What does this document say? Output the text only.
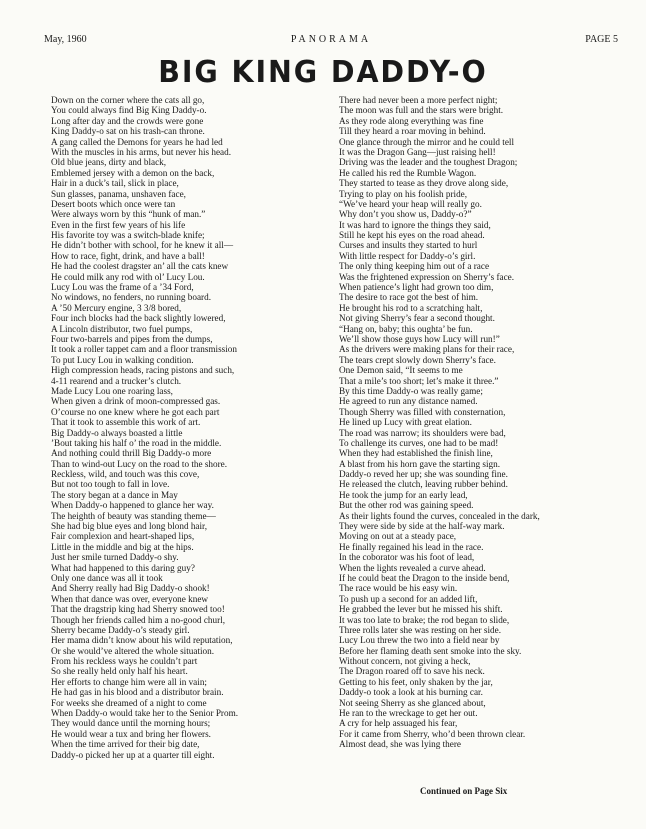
PANORAMA
May, 1960	PAGE 5
BIG KING DADDY-O
Down on the corner where the cats all go,
You could always find Big King Daddy-o.
Long after day and the crowds were gone
King Daddy-o sat on his trash-can throne.
A gang called the Demons for years he had led
With the muscles in his arms, but never his head.
Old blue jeans, dirty and black,
Emblemed jersey with a demon on the back,
Hair in a duck’s tail, slick in place,
Sun glasses, panama, unshaven face,
Desert boots which once were tan
Were always worn by this “hunk of man.”
Even in the first few years of his life
His favorite toy was a switch-blade knife;
He didn’t bother with school, for he knew it all—
How to race, fight, drink, and have a ball!
He had the coolest dragster an’ all the cats knew
He could milk any rod with ol’ Lucy Lou.
Lucy Lou was the frame of a ’34 Ford,
No windows, no fenders, no running board.
A ’50 Mercury engine, 3 3/8 bored,
Four inch blocks had the back slightly lowered,
A Lincoln distributor, two fuel pumps,
Four two-barrels and pipes from the dumps,
It took a roller tappet cam and a floor transmission
To put Lucy Lou in walking condition.
High compression heads, racing pistons and such,
4-11 rearend and a trucker’s clutch.
Made Lucy Lou one roaring lass,
When given a drink of moon-compressed gas.
O’course no one knew where he got each part
That it took to assemble this work of art.
Big Daddy-o always boasted a little
’Bout taking his half o’ the road in the middle.
And nothing could thrill Big Daddy-o more
Than to wind-out Lucy on the road to the shore.
Reckless, wild, and touch was this cove,
But not too tough to fall in love.
The story began at a dance in May
When Daddy-o happened to glance her way.
The heighth of beauty was standing theme—
She had big blue eyes and long blond hair,
Fair complexion and heart-shaped lips,
Little in the middle and big at the hips.
Just her smile turned Daddy-o shy.
What had happened to this daring guy?
Only one dance was all it took
And Sherry really had Big Daddy-o shook!
When that dance was over, everyone knew
That the dragstrip king had Sherry snowed too!
Though her friends called him a no-good churl,
Sherry became Daddy-o’s steady girl.
Her mama didn’t know about his wild reputation,
Or she would’ve altered the whole situation.
From his reckless ways he couldn’t part
So she really held only half his heart.
Her efforts to change him were all in vain;
He had gas in his blood and a distributor brain.
For weeks she dreamed of a night to come
When Daddy-o would take her to the Senior Prom.
They would dance until the morning hours;
He would wear a tux and bring her flowers.
When the time arrived for their big date,
Daddy-o picked her up at a quarter till eight.
There had never been a more perfect night;
The moon was full and the stars were bright.
As they rode along everything was fine
Till they heard a roar moving in behind.
One glance through the mirror and he could tell
It was the Dragon Gang—just raising hell!
Driving was the leader and the toughest Dragon;
He called his red the Rumble Wagon.
They started to tease as they drove along side,
Trying to play on his foolish pride,
“We’ve heard your heap will really go.
Why don’t you show us, Daddy-o?”
It was hard to ignore the things they said,
Still he kept his eyes on the road ahead.
Curses and insults they started to hurl
With little respect for Daddy-o’s girl.
The only thing keeping him out of a race
Was the frightened expression on Sherry’s face.
When patience’s light had grown too dim,
The desire to race got the best of him.
He brought his rod to a scratching halt,
Not giving Sherry’s fear a second thought.
“Hang on, baby; this oughta’ be fun.
We’ll show those guys how Lucy will run!”
As the drivers were making plans for their race,
The tears crept slowly down Sherry’s face.
One Demon said, “It seems to me
That a mile’s too short; let’s make it three.”
By this time Daddy-o was really game;
He agreed to run any distance named.
Though Sherry was filled with consternation,
He lined up Lucy with great elation.
The road was narrow; its shoulders were bad,
To challenge its curves, one had to be mad!
When they had established the finish line,
A blast from his horn gave the starting sign.
Daddy-o reved her up; she was sounding fine.
He released the clutch, leaving rubber behind.
He took the jump for an early lead,
But the other rod was gaining speed.
As their lights found the curves, concealed in the dark,
They were side by side at the half-way mark.
Moving on out at a steady pace,
He finally regained his lead in the race.
In the coborator was his foot of lead,
When the lights revealed a curve ahead.
If he could beat the Dragon to the inside bend,
The race would be his easy win.
To push up a second for an added lift,
He grabbed the lever but he missed his shift.
It was too late to brake; the rod began to slide,
Three rolls later she was resting on her side.
Lucy Lou threw the two into a field near by
Before her flaming death sent smoke into the sky.
Without concern, not giving a heck,
The Dragon roared off to save his neck.
Getting to his feet, only shaken by the jar,
Daddy-o took a look at his burning car.
Not seeing Sherry as she glanced about,
He ran to the wreckage to get her out.
A cry for help assuaged his fear,
For it came from Sherry, who’d been thrown clear.
Almost dead, she was lying there
Continued on Page Six
